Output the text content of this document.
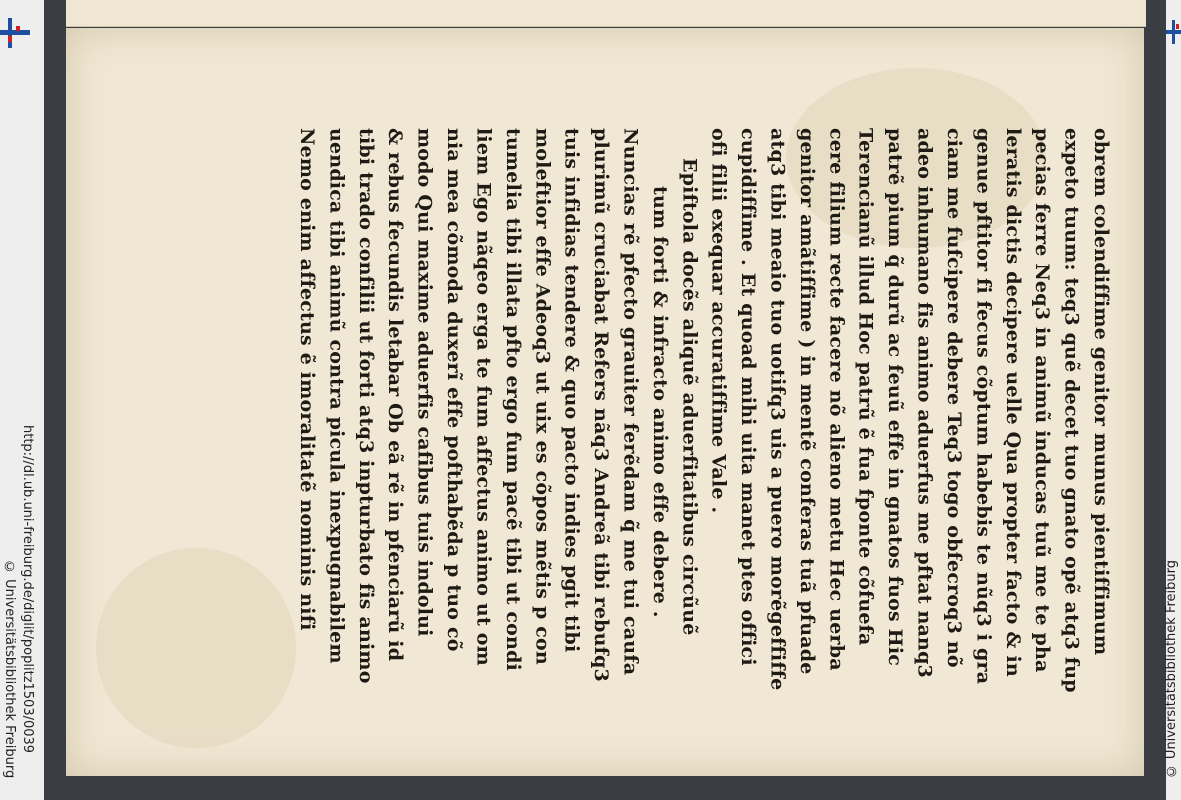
http://dl.ub.uni-freiburg.de/diglit/poplitz1503/0039
© Universitätsbibliothek Freiburg
obrem colendiffime genitor munus pientiffimum
expeto tuum: teq3 quẽ decet tuo gnato opẽ atq3 fup
pecias ferre Neq3 in animũ inducas tuũ me te pha
leratis dictis decipere uelle Qua propter facto & in
genue pftitor fi fecus cõptum habebis te nũq3 i gra
ciam me fufcipere debere Teq3 togo obfecroq3 nõ
adeo inhumano fis animo aduerfus me pftat nanq3
patrẽ pium q̃ durũ ac feuũ effe in gnatos fuos Hic
Terencianũ illud Hoc patrũ ẽ fua fponte cõfuefa
cere filium recte facere nõ alieno metu Hec uerba
genitor amãtiffime ) in mentẽ conferas tuã pfuade
atq3 tibi meaio tuo uotifq3 uis a puero morẽgeffiffe
cupidiffime . Et quoad mihi uita manet ptes offici
ofi filii exequar accuratiffime Vale .
Epiftola docẽs aliquẽ aduerfitatibus circũuẽ
tum forti & infracto animo effe debere .
Nuncias rẽ pfecto grauiter ferẽdam q̃ me tui caufa
plurimũ cruciabat Refers nãq3 Andreã tibi rebufq3
tuis infidias tendere & quo pacto indies pgit tibi
moleftior effe Adeoq3 ut uix es cõpos mẽtis p con
tumelia tibi illata pfto ergo fum pacẽ tibi ut condi
liem Ego nãqeo erga te fum affectus animo ut om
nia mea cõmoda duxerĩ effe pofthabẽda p tuo cõ
modo Qui maxime aduerfis cafibus tuis indolui
& rebus fecundis letabar Ob eã rẽ in pfenciarũ id
tibi trado confilii ut forti atq3 inpturbato fis animo
uendica tibi animũ contra picula inexpugnabilem
Nemo enim affectus ẽ imoralitatẽ nominis nifi
© Universitätsbibliothek Freiburg
